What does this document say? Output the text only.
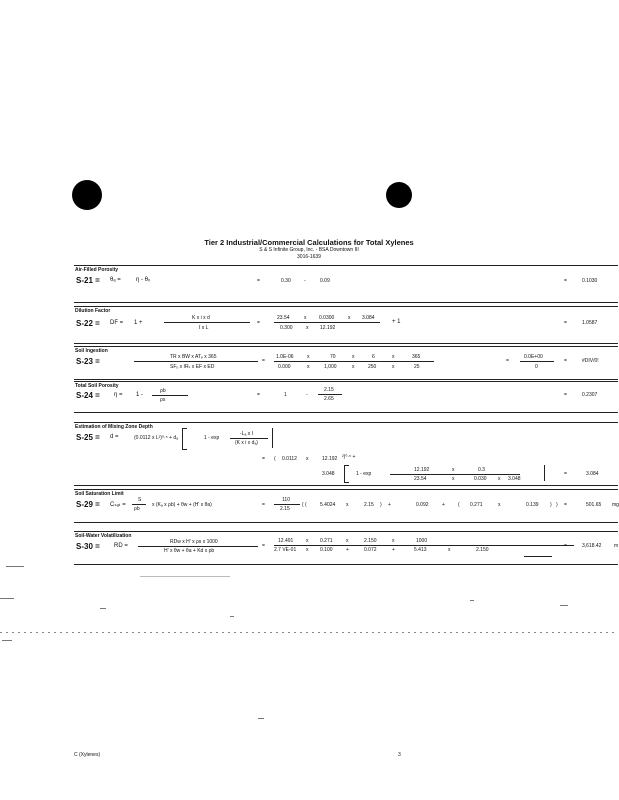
Tier 2 Industrial/Commercial Calculations for Total Xylenes
S & S Infinite Group, Inc. - BSA Downtown III
3016-1639
Air-Filled Porosity
S-21 = θₐ =	η - θᵥ	=	0.30	-	0.09	=	0.1030
Dilution Factor
S-22 = DF = 1 +
K x i x d
I x L
=
23.54	x	0.0300	x 3.084
0.300	x 12.192
+ 1	=	1.0587
Soil Ingestion
S-23 =	TR x BW x ATₑ x 365
SFₒ x IRₛ x EF x ED
=
1.0E-06	x	70	x	6	x	365
0.000	x	1,000	x	250	x	25
=
0.0E+00
0
=	#DIV/0!
Total Soil Porosity
S-24 = η = 1 -
ρb
ρs
=	1	-
2.15
2.65
=	0.2307
Estimation of Mixing Zone Depth
S-25 = d =	(0.0112 x L²)⁰·⁵ + dₐ	1 - exp
-Lₐ x I
(K x i x dₐ)
= ( 0.0112 x	12.192 ²)⁰·⁵ +
3.048	1 - exp
12.192	x	0.3
23.54	x	0.030 x 3.048
=	3.084
Soil Saturation Limit
S-29 = Cₛₐₜ =
S
ρb
x (Kₐ x ρb) + θw + (H' x θa)	=
110
2.15
( (	5.4024 x	2.15 ) +	0.092	+	( 0.271	x	0.139 ) ) =	501.65 mg
Soil-Water Volatilization
S-30 = RD =
RDw x H' x ρs x 1000
H' x θw + θa + Kd x ρb
=
12.491	x 0.271	x	2.150	x	1000
2.7 VE-01 x 0.100	+	0.072	+	5.413	x	2.150
=	3,618.42	m
C (Xylenes)	3
